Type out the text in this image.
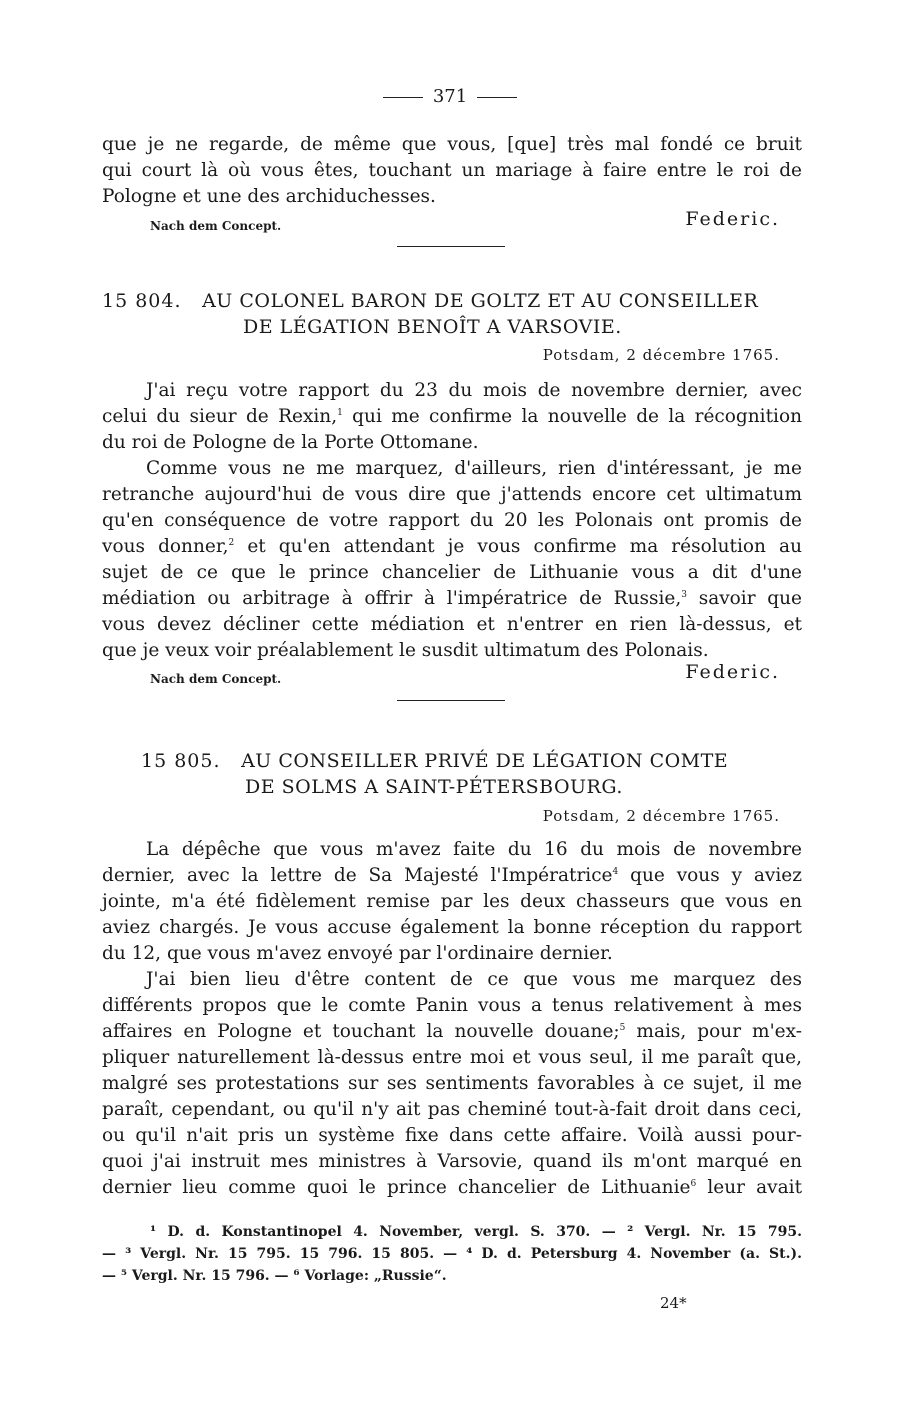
371
que je ne regarde, de même que vous, [que] très mal fondé ce bruit
qui court là où vous êtes, touchant un mariage à faire entre le roi de
Pologne et une des archiduchesses.
Nach dem Concept.	Federic.
15 804. AU COLONEL BARON DE GOLTZ ET AU CONSEILLER
DE LÉGATION BENOÎT A VARSOVIE.
Potsdam, 2 décembre 1765.
J'ai reçu votre rapport du 23 du mois de novembre dernier, avec
celui du sieur de Rexin,$^1$ qui me confirme la nouvelle de la récognition
du roi de Pologne de la Porte Ottomane.
Comme vous ne me marquez, d'ailleurs, rien d'intéressant, je me
retranche aujourd'hui de vous dire que j'attends encore cet ultimatum
qu'en conséquence de votre rapport du 20 les Polonais ont promis de
vous donner,$^2$ et qu'en attendant je vous confirme ma résolution au
sujet de ce que le prince chancelier de Lithuanie vous a dit d'une
médiation ou arbitrage à offrir à l'impératrice de Russie,$^3$ savoir que
vous devez décliner cette médiation et n'entrer en rien là-dessus, et
que je veux voir préalablement le susdit ultimatum des Polonais.
Nach dem Concept.	Federic.
15 805. AU CONSEILLER PRIVÉ DE LÉGATION COMTE
DE SOLMS A SAINT-PÉTERSBOURG.
Potsdam, 2 décembre 1765.
La dépêche que vous m'avez faite du 16 du mois de novembre
dernier, avec la lettre de Sa Majesté l'Impératrice$^4$ que vous y aviez
jointe, m'a été fidèlement remise par les deux chasseurs que vous en
aviez chargés. Je vous accuse également la bonne réception du rapport
du 12, que vous m'avez envoyé par l'ordinaire dernier.
J'ai bien lieu d'être content de ce que vous me marquez des
différents propos que le comte Panin vous a tenus relativement à mes
affaires en Pologne et touchant la nouvelle douane;$^5$ mais, pour m'ex-
pliquer naturellement là-dessus entre moi et vous seul, il me paraît que,
malgré ses protestations sur ses sentiments favorables à ce sujet, il me
paraît, cependant, ou qu'il n'y ait pas cheminé tout-à-fait droit dans ceci,
ou qu'il n'ait pris un système fixe dans cette affaire. Voilà aussi pour-
quoi j'ai instruit mes ministres à Varsovie, quand ils m'ont marqué en
dernier lieu comme quoi le prince chancelier de Lithuanie$^6$ leur avait
¹ D. d. Konstantinopel 4. November, vergl. S. 370. — ² Vergl. Nr. 15 795.
— ³ Vergl. Nr. 15 795. 15 796. 15 805. — ⁴ D. d. Petersburg 4. November (a. St.).
— ⁵ Vergl. Nr. 15 796. — ⁶ Vorlage: „Russie“.
24*
